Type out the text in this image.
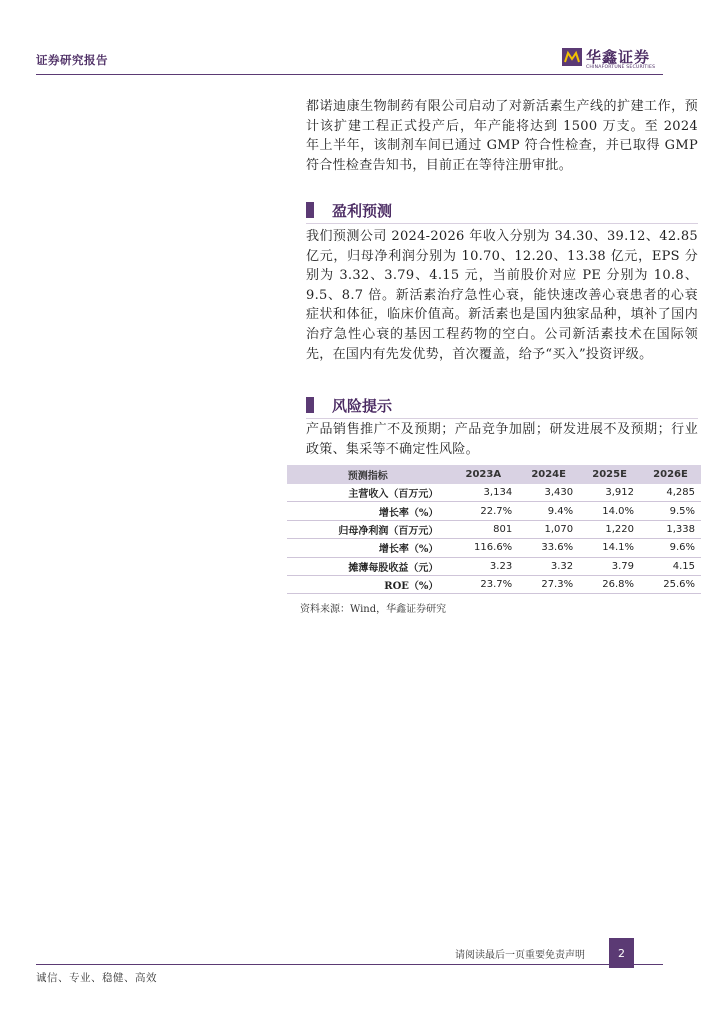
证券研究报告	华鑫证券
CHINAFORTUNE SECURITIES

都诺迪康生物制药有限公司启动了对新活素生产线的扩建工作，预计该扩建工程正式投产后，年产能将达到 1500 万支。至 2024 年上半年，该制剂车间已通过 GMP 符合性检查，并已取得 GMP 符合性检查告知书，目前正在等待注册审批。

盈利预测

我们预测公司 2024-2026 年收入分别为 34.30、39.12、42.85 亿元，归母净利润分别为 10.70、12.20、13.38 亿元，EPS 分别为 3.32、3.79、4.15 元，当前股价对应 PE 分别为 10.8、9.5、8.7 倍。新活素治疗急性心衰，能快速改善心衰患者的心衰症状和体征，临床价值高。新活素也是国内独家品种，填补了国内治疗急性心衰的基因工程药物的空白。公司新活素技术在国际领先，在国内有先发优势，首次覆盖，给予“买入”投资评级。

风险提示

产品销售推广不及预期；产品竞争加剧；研发进展不及预期；行业政策、集采等不确定性风险。

预测指标	2023A	2024E	2025E	2026E
主营收入（百万元）	3,134	3,430	3,912	4,285
增长率（%）	22.7%	9.4%	14.0%	9.5%
归母净利润（百万元）	801	1,070	1,220	1,338
增长率（%）	116.6%	33.6%	14.1%	9.6%
摊薄每股收益（元）	3.23	3.32	3.79	4.15
ROE（%）	23.7%	27.3%	26.8%	25.6%
资料来源：Wind，华鑫证券研究
请阅读最后一页重要免责声明	2
诚信、专业、稳健、高效
